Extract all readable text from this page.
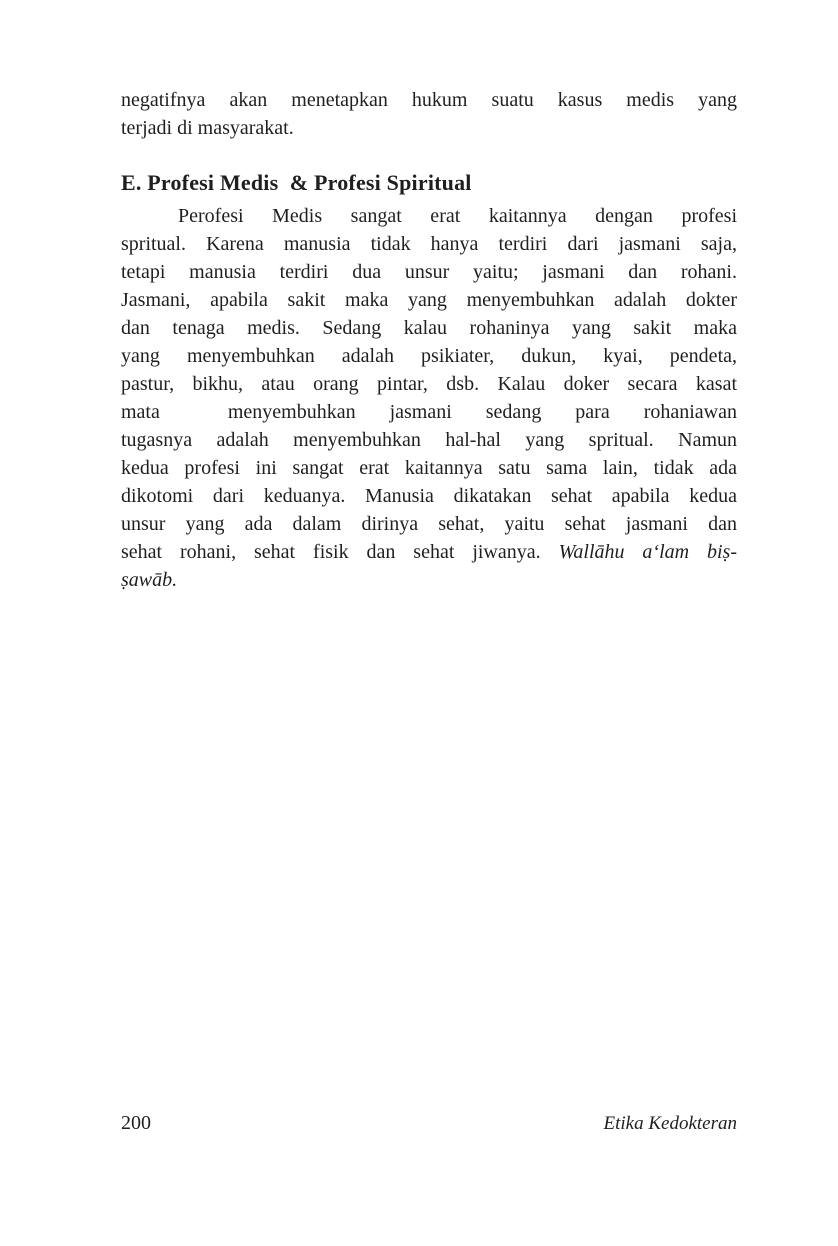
negatifnya akan menetapkan hukum suatu kasus medis yang
terjadi di masyarakat.

E. Profesi Medis  & Profesi Spiritual

Perofesi Medis sangat erat kaitannya dengan profesi
spritual. Karena manusia tidak hanya terdiri dari jasmani saja,
tetapi manusia terdiri dua unsur yaitu; jasmani dan rohani.
Jasmani, apabila sakit maka yang menyembuhkan adalah dokter
dan tenaga medis. Sedang kalau rohaninya yang sakit maka
yang menyembuhkan adalah psikiater, dukun, kyai, pendeta,
pastur, bikhu, atau orang pintar, dsb. Kalau doker secara kasat
mata  menyembuhkan jasmani sedang para rohaniawan
tugasnya adalah menyembuhkan hal-hal yang spritual. Namun
kedua profesi ini sangat erat kaitannya satu sama lain, tidak ada
dikotomi dari keduanya. Manusia dikatakan sehat apabila kedua
unsur yang ada dalam dirinya sehat, yaitu sehat jasmani dan
sehat rohani, sehat fisik dan sehat jiwanya. Wallāhu a‘lam biṣ-
ṣawāb.

200	Etika Kedokteran
